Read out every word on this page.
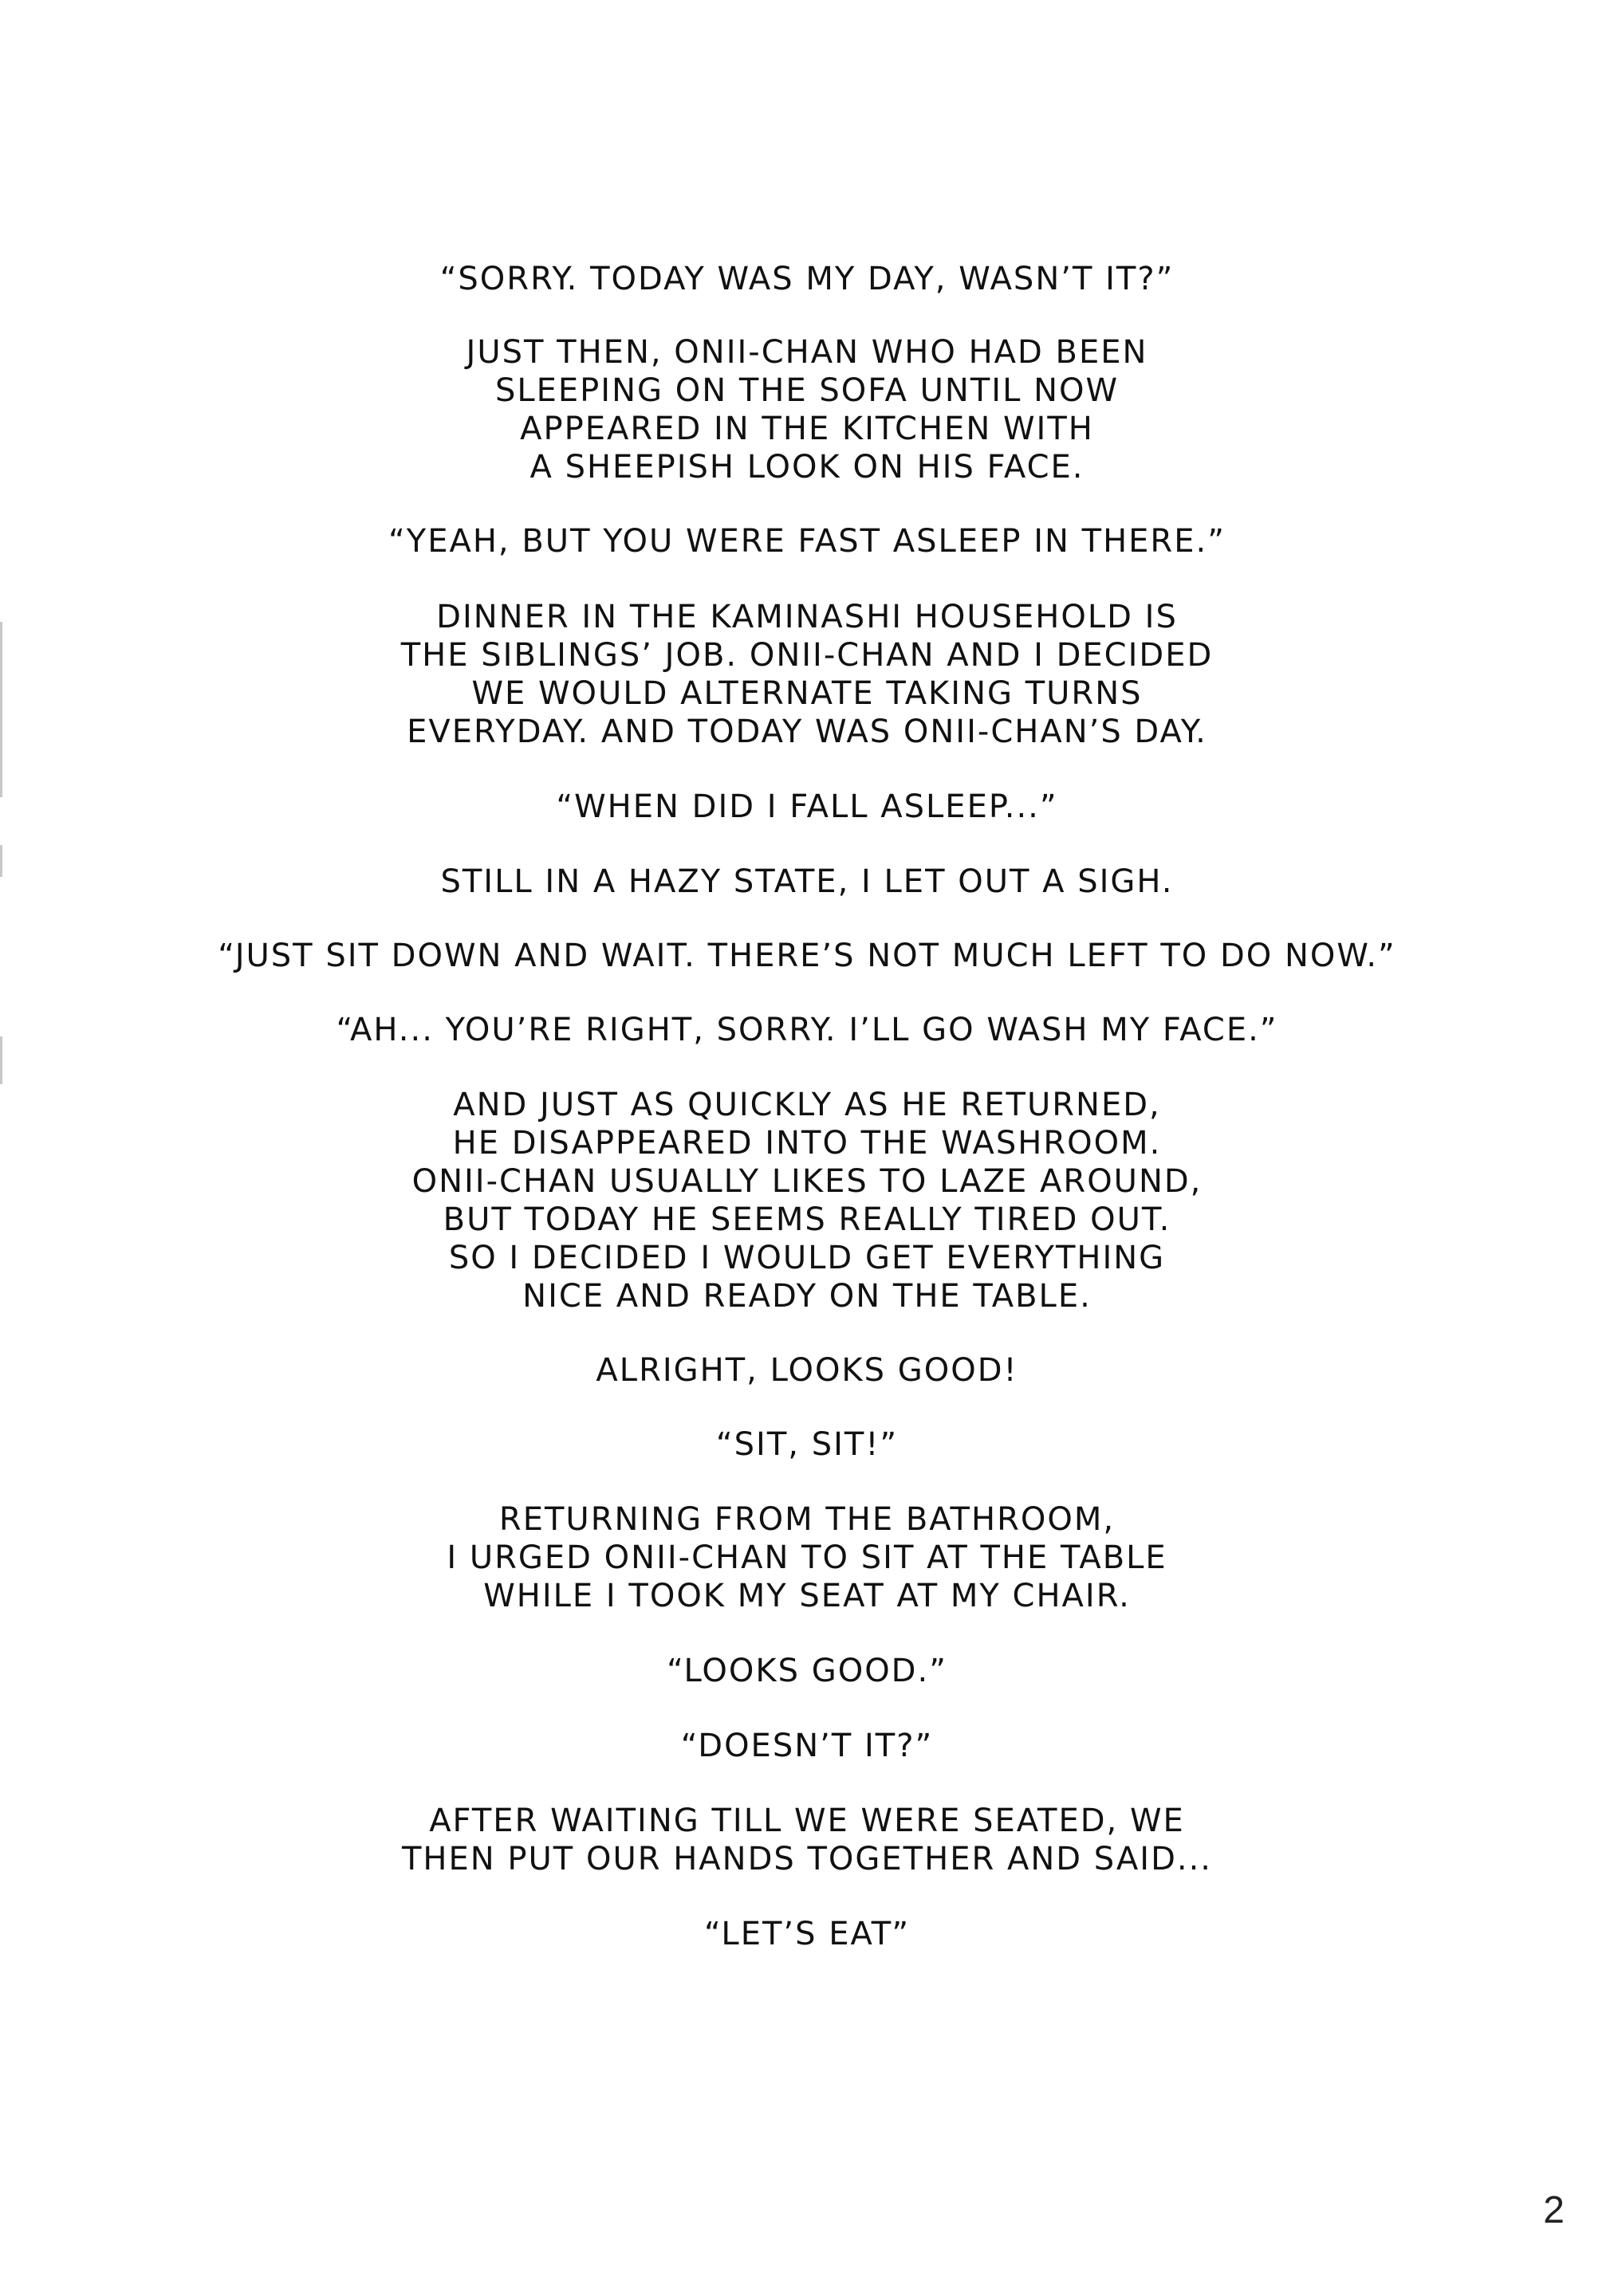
“SORRY. TODAY WAS MY DAY, WASN’T IT?”
JUST THEN, ONII-CHAN WHO HAD BEEN
SLEEPING ON THE SOFA UNTIL NOW
APPEARED IN THE KITCHEN WITH
A SHEEPISH LOOK ON HIS FACE.
“YEAH, BUT YOU WERE FAST ASLEEP IN THERE.”
DINNER IN THE KAMINASHI HOUSEHOLD IS
THE SIBLINGS’ JOB. ONII-CHAN AND I DECIDED
WE WOULD ALTERNATE TAKING TURNS
EVERYDAY. AND TODAY WAS ONII-CHAN’S DAY.
“WHEN DID I FALL ASLEEP...”
STILL IN A HAZY STATE, I LET OUT A SIGH.
“JUST SIT DOWN AND WAIT. THERE’S NOT MUCH LEFT TO DO NOW.”
“AH... YOU’RE RIGHT, SORRY. I’LL GO WASH MY FACE.”
AND JUST AS QUICKLY AS HE RETURNED,
HE DISAPPEARED INTO THE WASHROOM.
ONII-CHAN USUALLY LIKES TO LAZE AROUND,
BUT TODAY HE SEEMS REALLY TIRED OUT.
SO I DECIDED I WOULD GET EVERYTHING
NICE AND READY ON THE TABLE.
ALRIGHT, LOOKS GOOD!
“SIT, SIT!”
RETURNING FROM THE BATHROOM,
I URGED ONII-CHAN TO SIT AT THE TABLE
WHILE I TOOK MY SEAT AT MY CHAIR.
“LOOKS GOOD.”
“DOESN’T IT?”
AFTER WAITING TILL WE WERE SEATED, WE
THEN PUT OUR HANDS TOGETHER AND SAID...
“LET’S EAT”
2
